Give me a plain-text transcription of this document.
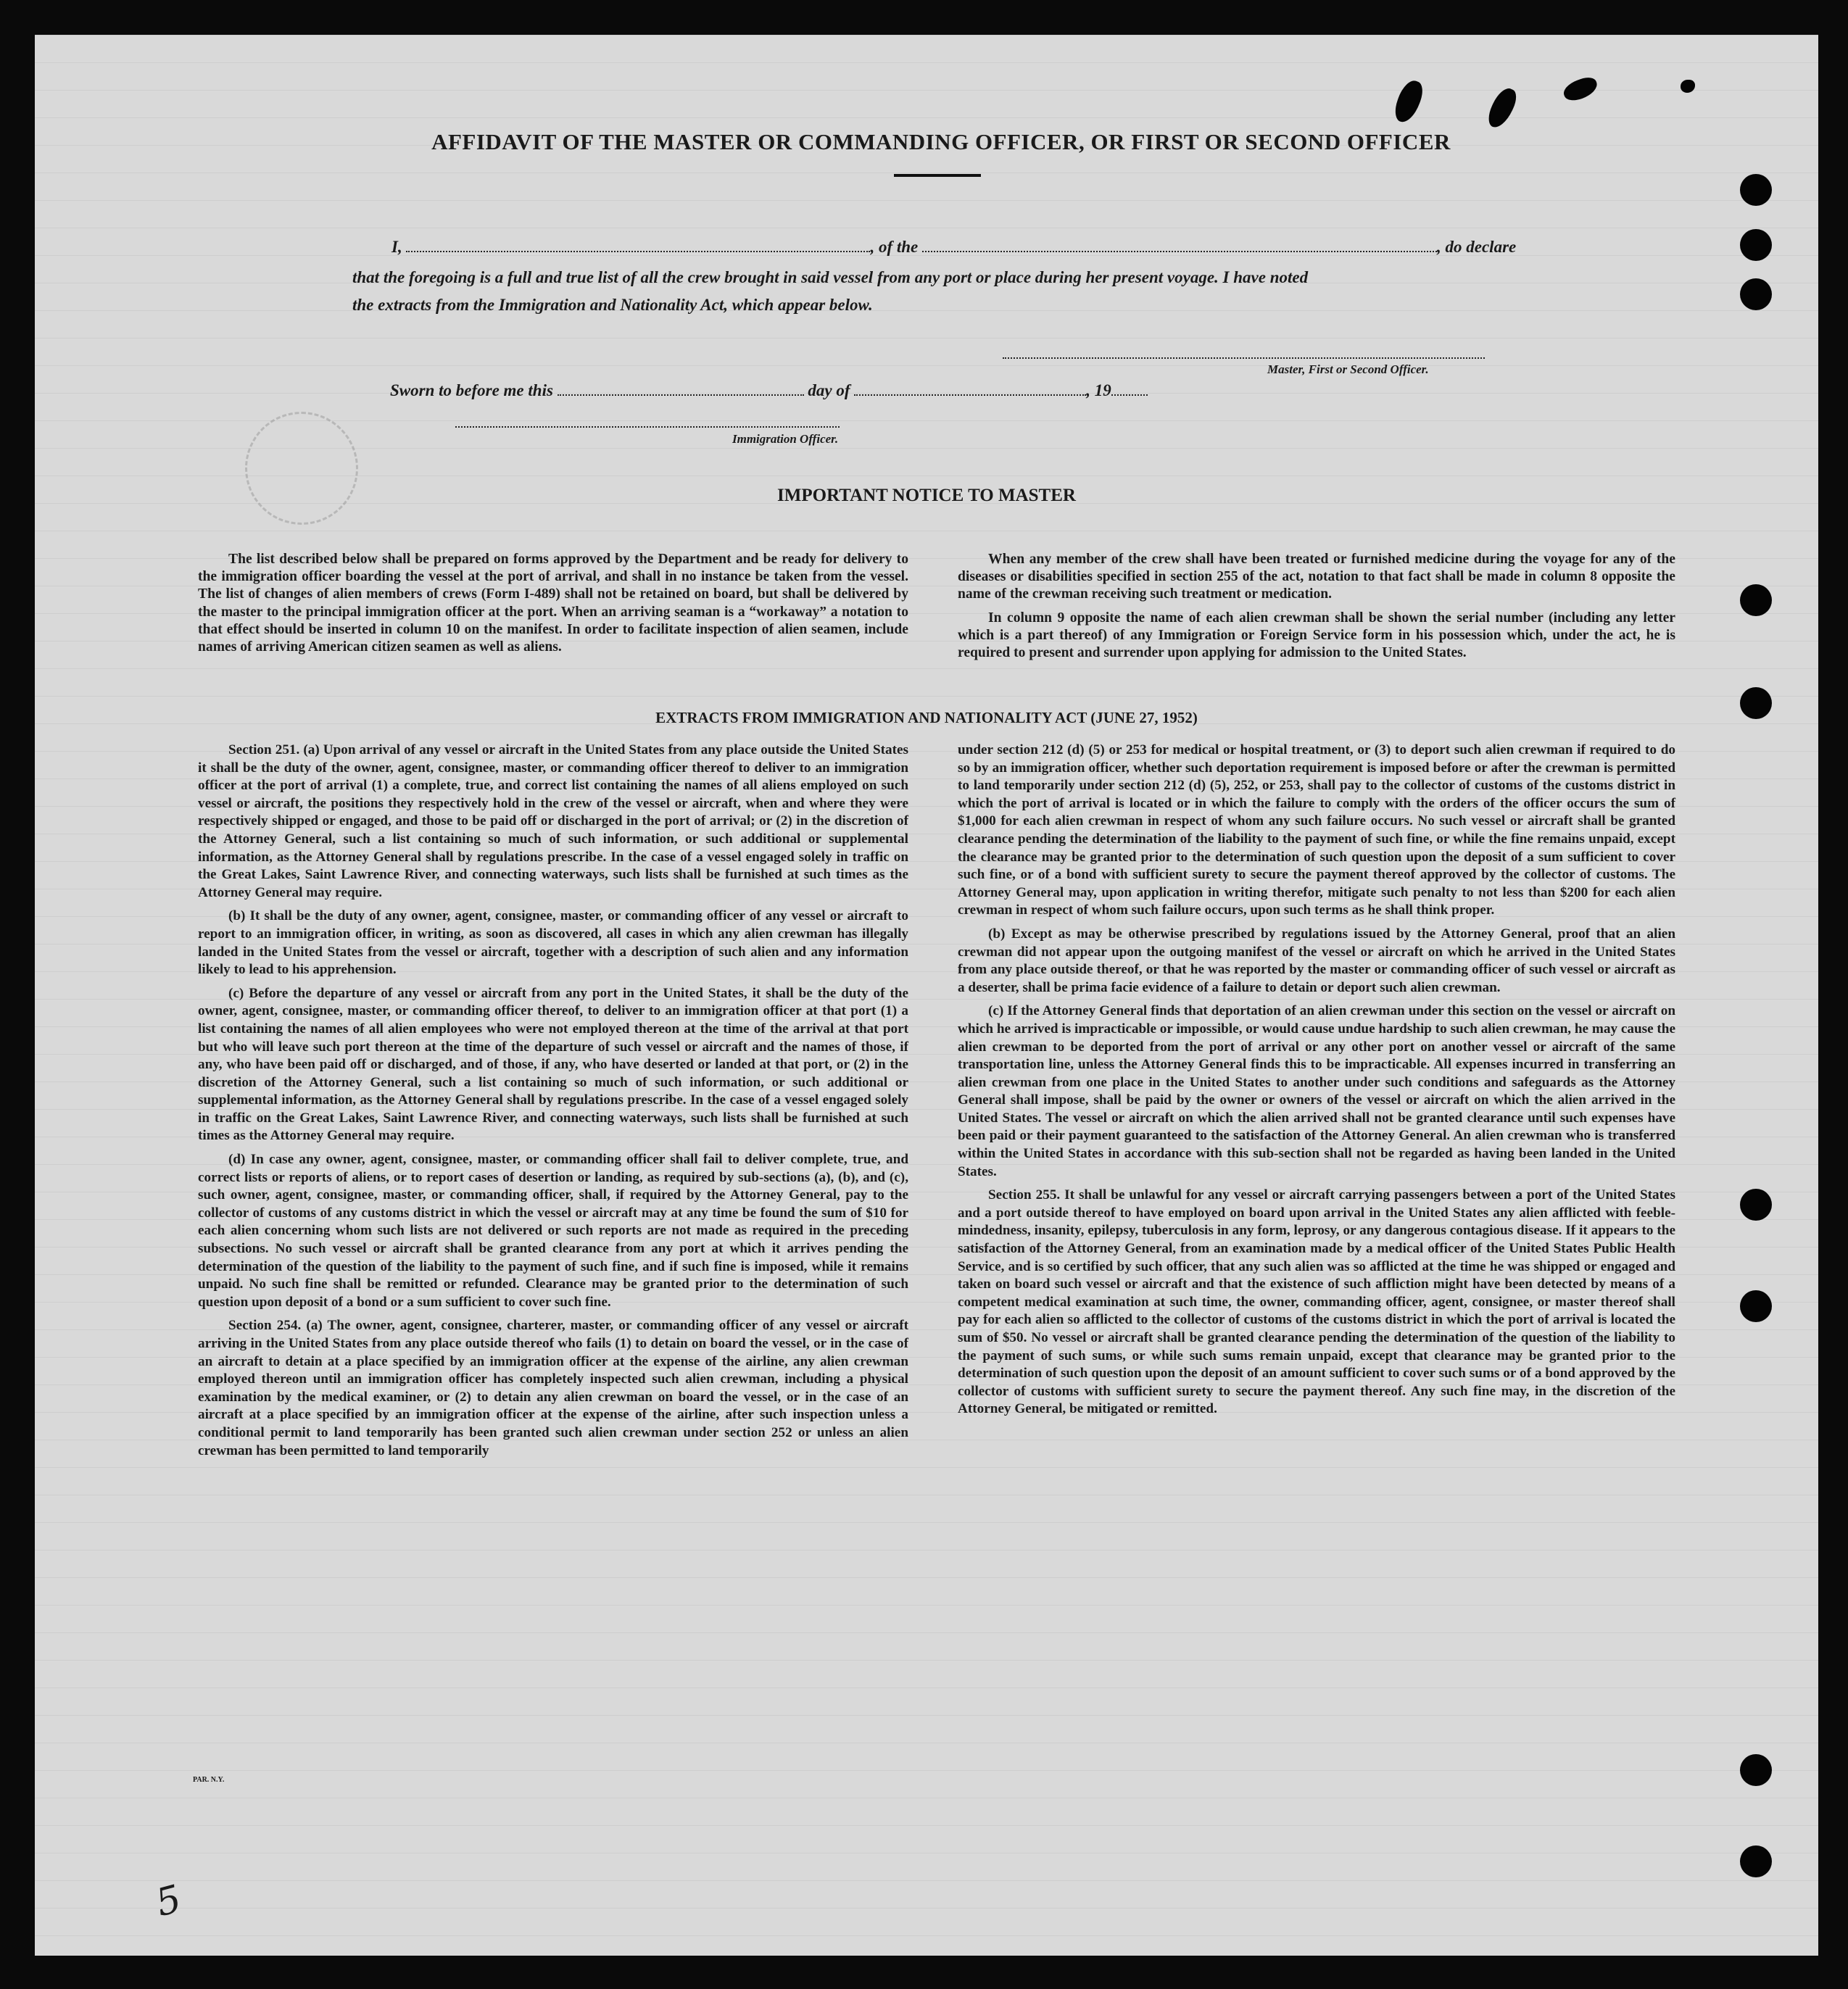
AFFIDAVIT OF THE MASTER OR COMMANDING OFFICER, OR FIRST OR SECOND OFFICER
I,	, of the	, do declare
that the foregoing is a full and true list of all the crew brought in said vessel from any port or place during her present voyage. I have noted
the extracts from the Immigration and Nationality Act, which appear below.
Master, First or Second Officer.
Sworn to before me this	day of	, 19
Immigration Officer.
IMPORTANT NOTICE TO MASTER

The list described below shall be prepared on forms approved by the Department and be ready for delivery to the immigration officer boarding the vessel at the port of arrival, and shall in no instance be taken from the vessel. The list of changes of alien members of crews (Form I-489) shall not be retained on board, but shall be delivered by the master to the principal immigration officer at the port. When an arriving seaman is a “workaway” a notation to that effect should be inserted in column 10 on the manifest. In order to facilitate inspection of alien seamen, include names of arriving American citizen seamen as well as aliens.

When any member of the crew shall have been treated or furnished medicine during the voyage for any of the diseases or disabilities specified in section 255 of the act, notation to that fact shall be made in column 8 opposite the name of the crewman receiving such treatment or medication.

In column 9 opposite the name of each alien crewman shall be shown the serial number (including any letter which is a part thereof) of any Immigration or Foreign Service form in his possession which, under the act, he is required to present and surrender upon applying for admission to the United States.

EXTRACTS FROM IMMIGRATION AND NATIONALITY ACT (JUNE 27, 1952)

Section 251. (a) Upon arrival of any vessel or aircraft in the United States from any place outside the United States it shall be the duty of the owner, agent, consignee, master, or commanding officer thereof to deliver to an immigration officer at the port of arrival (1) a complete, true, and correct list containing the names of all aliens employed on such vessel or aircraft, the positions they respectively hold in the crew of the vessel or aircraft, when and where they were respectively shipped or engaged, and those to be paid off or discharged in the port of arrival; or (2) in the discretion of the Attorney General, such a list containing so much of such information, or such additional or supplemental information, as the Attorney General shall by regulations prescribe. In the case of a vessel engaged solely in traffic on the Great Lakes, Saint Lawrence River, and connecting waterways, such lists shall be furnished at such times as the Attorney General may require.

(b) It shall be the duty of any owner, agent, consignee, master, or commanding officer of any vessel or aircraft to report to an immigration officer, in writing, as soon as discovered, all cases in which any alien crewman has illegally landed in the United States from the vessel or aircraft, together with a description of such alien and any information likely to lead to his apprehension.

(c) Before the departure of any vessel or aircraft from any port in the United States, it shall be the duty of the owner, agent, consignee, master, or commanding officer thereof, to deliver to an immigration officer at that port (1) a list containing the names of all alien employees who were not employed thereon at the time of the arrival at that port but who will leave such port thereon at the time of the departure of such vessel or aircraft and the names of those, if any, who have been paid off or discharged, and of those, if any, who have deserted or landed at that port, or (2) in the discretion of the Attorney General, such a list containing so much of such information, or such additional or supplemental information, as the Attorney General shall by regulations prescribe. In the case of a vessel engaged solely in traffic on the Great Lakes, Saint Lawrence River, and connecting waterways, such lists shall be furnished at such times as the Attorney General may require.

(d) In case any owner, agent, consignee, master, or commanding officer shall fail to deliver complete, true, and correct lists or reports of aliens, or to report cases of desertion or landing, as required by sub-sections (a), (b), and (c), such owner, agent, consignee, master, or commanding officer, shall, if required by the Attorney General, pay to the collector of customs of any customs district in which the vessel or aircraft may at any time be found the sum of $10 for each alien concerning whom such lists are not delivered or such reports are not made as required in the preceding subsections. No such vessel or aircraft shall be granted clearance from any port at which it arrives pending the determination of the question of the liability to the payment of such fine, and if such fine is imposed, while it remains unpaid. No such fine shall be remitted or refunded. Clearance may be granted prior to the determination of such question upon deposit of a bond or a sum sufficient to cover such fine.

Section 254. (a) The owner, agent, consignee, charterer, master, or commanding officer of any vessel or aircraft arriving in the United States from any place outside thereof who fails (1) to detain on board the vessel, or in the case of an aircraft to detain at a place specified by an immigration officer at the expense of the airline, any alien crewman employed thereon until an immigration officer has completely inspected such alien crewman, including a physical examination by the medical examiner, or (2) to detain any alien crewman on board the vessel, or in the case of an aircraft at a place specified by an immigration officer at the expense of the airline, after such inspection unless a conditional permit to land temporarily has been granted such alien crewman under section 252 or unless an alien crewman has been permitted to land temporarily

under section 212 (d) (5) or 253 for medical or hospital treatment, or (3) to deport such alien crewman if required to do so by an immigration officer, whether such deportation requirement is imposed before or after the crewman is permitted to land temporarily under section 212 (d) (5), 252, or 253, shall pay to the collector of customs of the customs district in which the port of arrival is located or in which the failure to comply with the orders of the officer occurs the sum of $1,000 for each alien crewman in respect of whom any such failure occurs. No such vessel or aircraft shall be granted clearance pending the determination of the liability to the payment of such fine, or while the fine remains unpaid, except the clearance may be granted prior to the determination of such question upon the deposit of a sum sufficient to cover such fine, or of a bond with sufficient surety to secure the payment thereof approved by the collector of customs. The Attorney General may, upon application in writing therefor, mitigate such penalty to not less than $200 for each alien crewman in respect of whom such failure occurs, upon such terms as he shall think proper.

(b) Except as may be otherwise prescribed by regulations issued by the Attorney General, proof that an alien crewman did not appear upon the outgoing manifest of the vessel or aircraft on which he arrived in the United States from any place outside thereof, or that he was reported by the master or commanding officer of such vessel or aircraft as a deserter, shall be prima facie evidence of a failure to detain or deport such alien crewman.

(c) If the Attorney General finds that deportation of an alien crewman under this section on the vessel or aircraft on which he arrived is impracticable or impossible, or would cause undue hardship to such alien crewman, he may cause the alien crewman to be deported from the port of arrival or any other port on another vessel or aircraft of the same transportation line, unless the Attorney General finds this to be impracticable. All expenses incurred in transferring an alien crewman from one place in the United States to another under such conditions and safeguards as the Attorney General shall impose, shall be paid by the owner or owners of the vessel or aircraft on which the alien arrived in the United States. The vessel or aircraft on which the alien arrived shall not be granted clearance until such expenses have been paid or their payment guaranteed to the satisfaction of the Attorney General. An alien crewman who is transferred within the United States in accordance with this sub-section shall not be regarded as having been landed in the United States.

Section 255. It shall be unlawful for any vessel or aircraft carrying passengers between a port of the United States and a port outside thereof to have employed on board upon arrival in the United States any alien afflicted with feeble-mindedness, insanity, epilepsy, tuberculosis in any form, leprosy, or any dangerous contagious disease. If it appears to the satisfaction of the Attorney General, from an examination made by a medical officer of the United States Public Health Service, and is so certified by such officer, that any such alien was so afflicted at the time he was shipped or engaged and taken on board such vessel or aircraft and that the existence of such affliction might have been detected by means of a competent medical examination at such time, the owner, commanding officer, agent, consignee, or master thereof shall pay for each alien so afflicted to the collector of customs of the customs district in which the port of arrival is located the sum of $50. No vessel or aircraft shall be granted clearance pending the determination of the question of the liability to the payment of such sums, or while such sums remain unpaid, except that clearance may be granted prior to the determination of such question upon the deposit of an amount sufficient to cover such sums or of a bond approved by the collector of customs with sufficient surety to secure the payment thereof. Any such fine may, in the discretion of the Attorney General, be mitigated or remitted.

PAR. N.Y.
5
